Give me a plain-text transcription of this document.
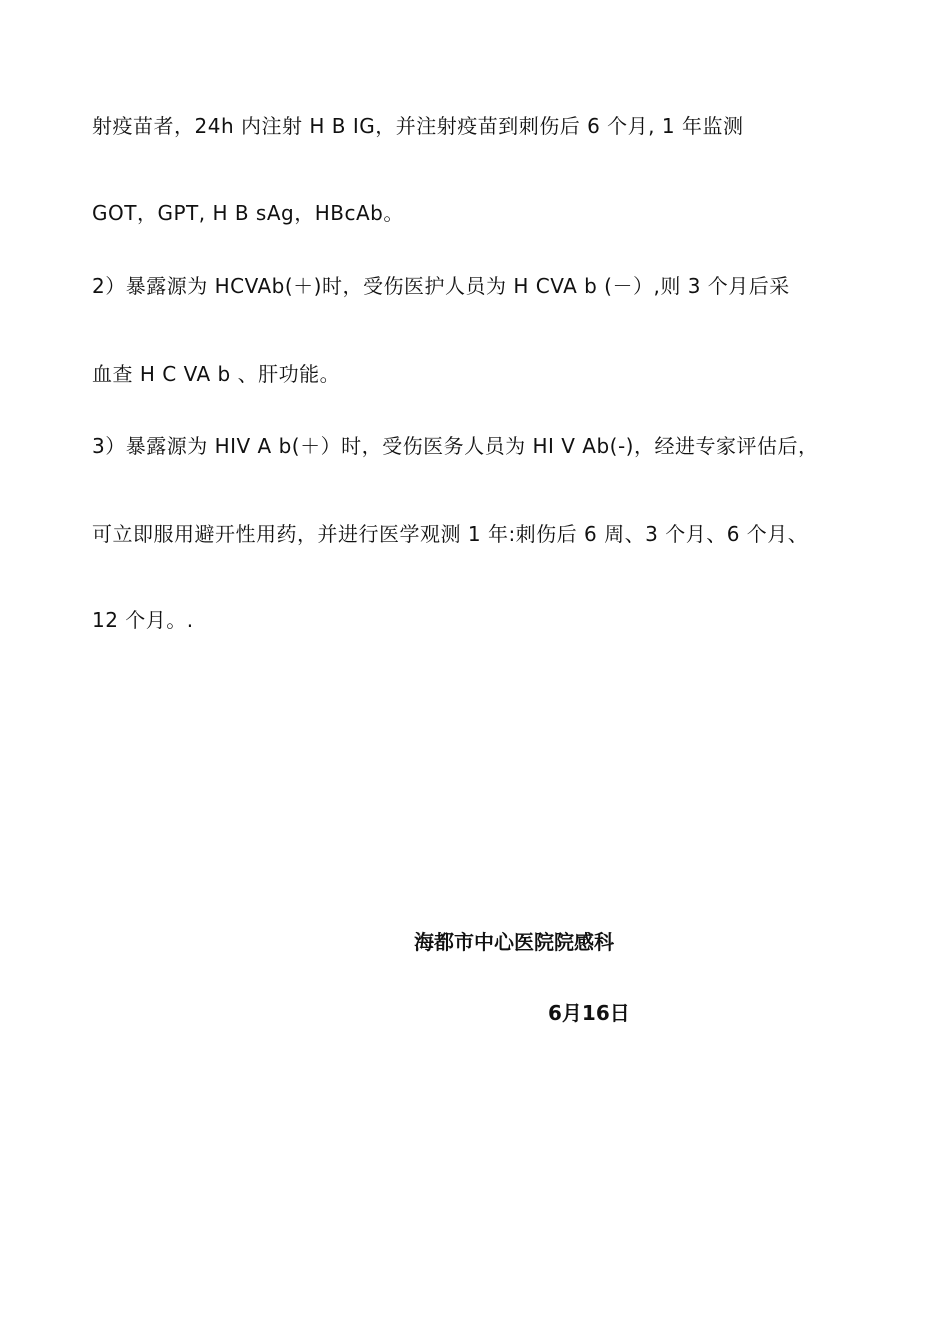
射疫苗者，24h 内注射 H B IG，并注射疫苗到刺伤后 6 个月, 1 年监测
GOT，GPT, H B sAg，HBcAb。
2）暴露源为 HCVAb(＋)时，受伤医护人员为 H CVA b (－）,则 3 个月后采
血查 H C VA b 、肝功能。
3）暴露源为 HIV A b(＋）时，受伤医务人员为 HI V Ab(-)，经进专家评估后，
可立即服用避开性用药，并进行医学观测 1 年:刺伤后 6 周、3 个月、6 个月、
12 个月。.
海都市中心医院院感科
6月16日
